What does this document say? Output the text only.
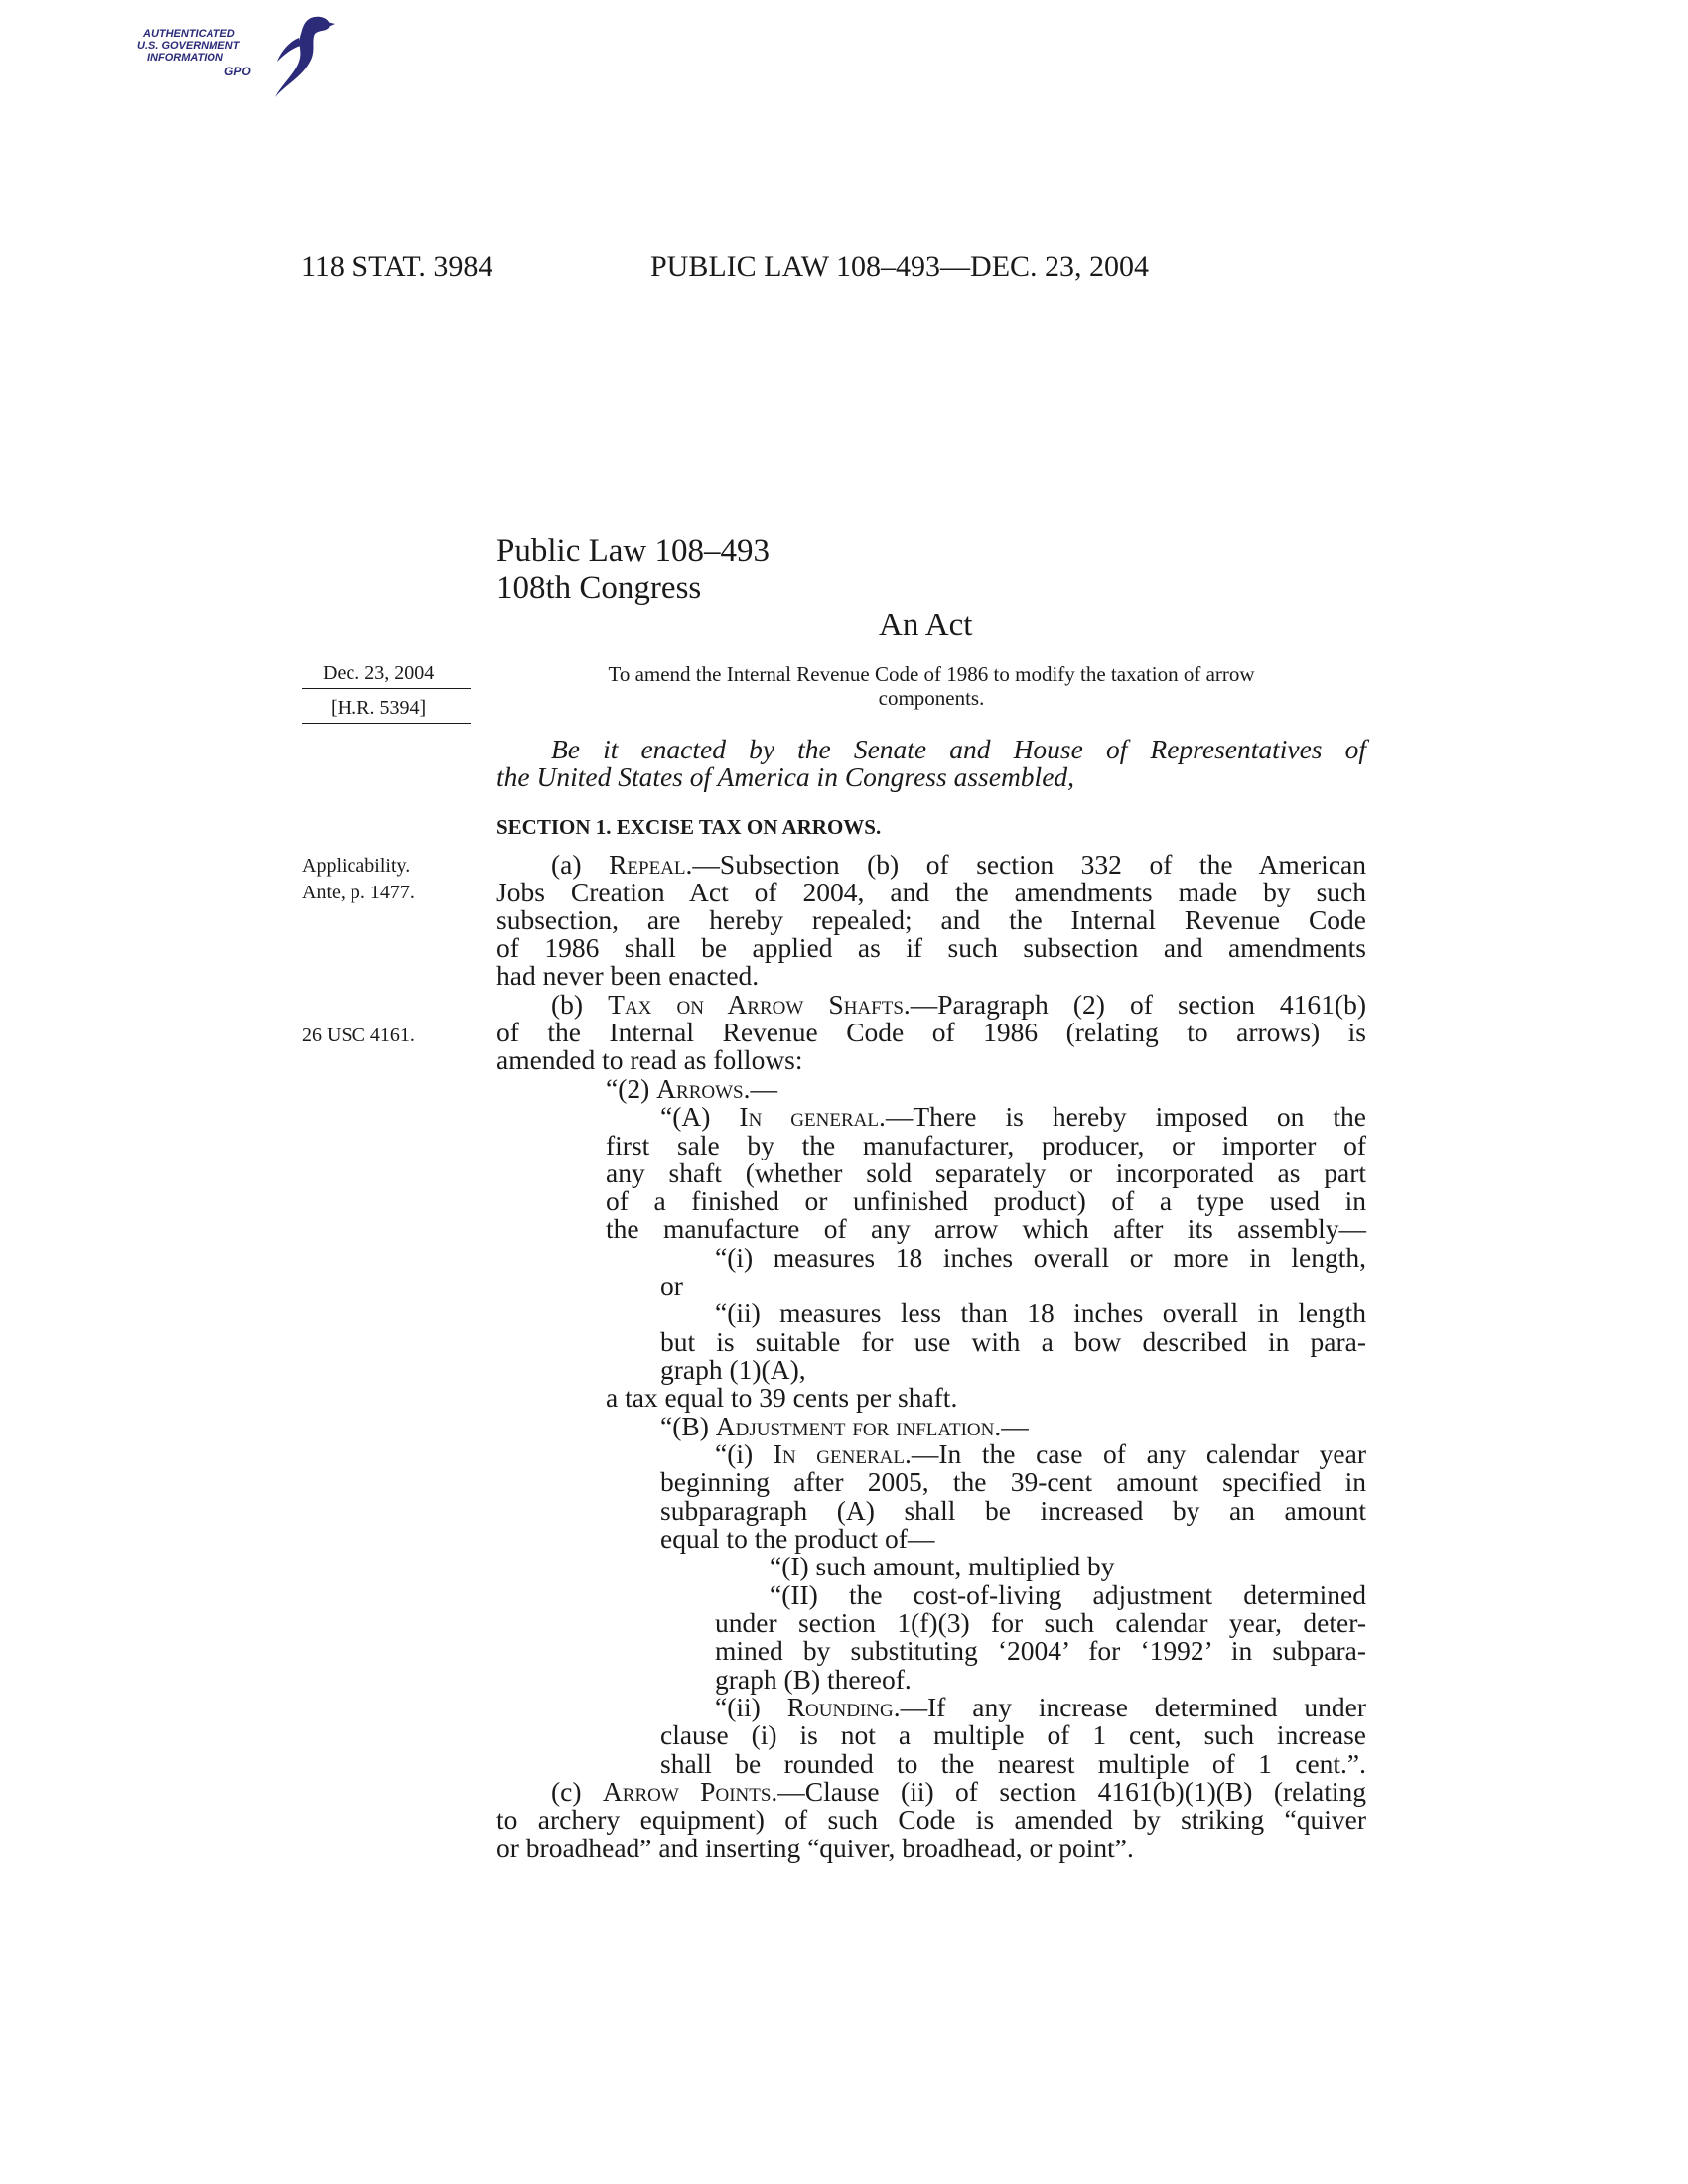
AUTHENTICATED
U.S. GOVERNMENT
INFORMATION
GPO
118 STAT. 3984	PUBLIC LAW 108–493—DEC. 23, 2004
Public Law 108–493
108th Congress
An Act
To amend the Internal Revenue Code of 1986 to modify the taxation of arrow
components.
Dec. 23, 2004
[H.R. 5394]
Applicability.
Ante, p. 1477.
26 USC 4161.
Be it enacted by the Senate and House of Representatives of
the United States of America in Congress assembled,
SECTION 1. EXCISE TAX ON ARROWS.
(a) Repeal.—Subsection (b) of section 332 of the American
Jobs Creation Act of 2004, and the amendments made by such
subsection, are hereby repealed; and the Internal Revenue Code
of 1986 shall be applied as if such subsection and amendments
had never been enacted.
(b) Tax on Arrow Shafts.—Paragraph (2) of section 4161(b)
of the Internal Revenue Code of 1986 (relating to arrows) is
amended to read as follows:
“(2) Arrows.—
“(A) In general.—There is hereby imposed on the
first sale by the manufacturer, producer, or importer of
any shaft (whether sold separately or incorporated as part
of a finished or unfinished product) of a type used in
the manufacture of any arrow which after its assembly—
“(i) measures 18 inches overall or more in length,
or
“(ii) measures less than 18 inches overall in length
but is suitable for use with a bow described in para-
graph (1)(A),
a tax equal to 39 cents per shaft.
“(B) Adjustment for inflation.—
“(i) In general.—In the case of any calendar year
beginning after 2005, the 39-cent amount specified in
subparagraph (A) shall be increased by an amount
equal to the product of—
“(I) such amount, multiplied by
“(II) the cost-of-living adjustment determined
under section 1(f)(3) for such calendar year, deter-
mined by substituting ‘2004’ for ‘1992’ in subpara-
graph (B) thereof.
“(ii) Rounding.—If any increase determined under
clause (i) is not a multiple of 1 cent, such increase
shall be rounded to the nearest multiple of 1 cent.”.
(c) Arrow Points.—Clause (ii) of section 4161(b)(1)(B) (relating
to archery equipment) of such Code is amended by striking “quiver
or broadhead” and inserting “quiver, broadhead, or point”.
